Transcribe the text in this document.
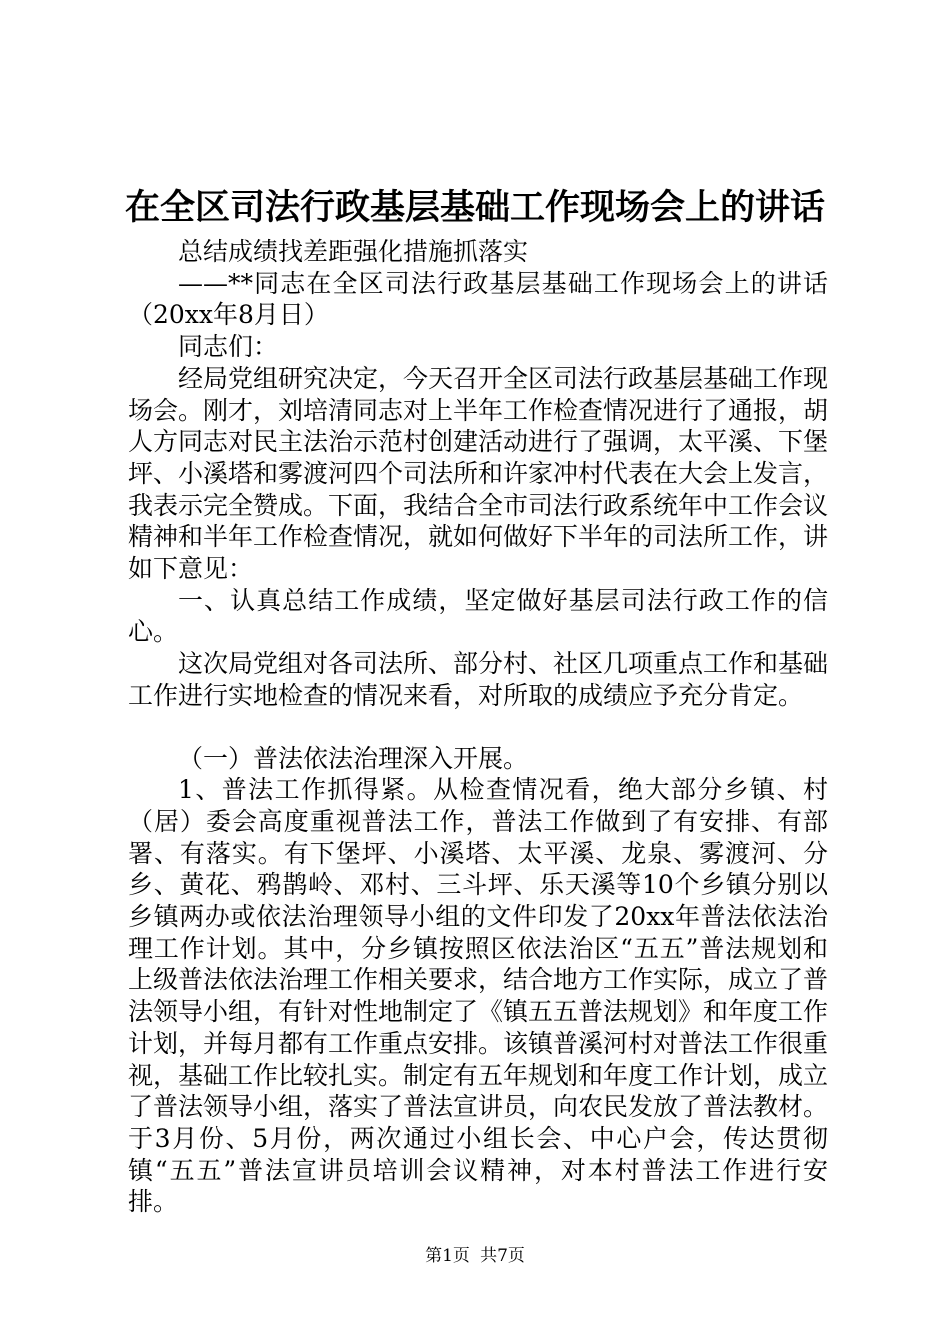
在全区司法行政基层基础工作现场会上的讲话

总结成绩找差距强化措施抓落实

——**同志在全区司法行政基层基础工作现场会上的讲话（20xx年8月日）

同志们：

经局党组研究决定，今天召开全区司法行政基层基础工作现场会。刚才，刘培清同志对上半年工作检查情况进行了通报，胡人方同志对民主法治示范村创建活动进行了强调，太平溪、下堡坪、小溪塔和雾渡河四个司法所和许家冲村代表在大会上发言，我表示完全赞成。下面，我结合全市司法行政系统年中工作会议精神和半年工作检查情况，就如何做好下半年的司法所工作，讲如下意见：

一、认真总结工作成绩，坚定做好基层司法行政工作的信心。

这次局党组对各司法所、部分村、社区几项重点工作和基础工作进行实地检查的情况来看，对所取的成绩应予充分肯定。

（一）普法依法治理深入开展。

1、普法工作抓得紧。从检查情况看，绝大部分乡镇、村（居）委会高度重视普法工作，普法工作做到了有安排、有部署、有落实。有下堡坪、小溪塔、太平溪、龙泉、雾渡河、分乡、黄花、鸦鹊岭、邓村、三斗坪、乐天溪等10个乡镇分别以乡镇两办或依法治理领导小组的文件印发了20xx年普法依法治理工作计划。其中，分乡镇按照区依法治区“五五”普法规划和上级普法依法治理工作相关要求，结合地方工作实际，成立了普法领导小组，有针对性地制定了《镇五五普法规划》和年度工作计划，并每月都有工作重点安排。该镇普溪河村对普法工作很重视，基础工作比较扎实。制定有五年规划和年度工作计划，成立了普法领导小组，落实了普法宣讲员，向农民发放了普法教材。于3月份、5月份，两次通过小组长会、中心户会，传达贯彻镇“五五”普法宣讲员培训会议精神，对本村普法工作进行安排。

第1页 共7页
